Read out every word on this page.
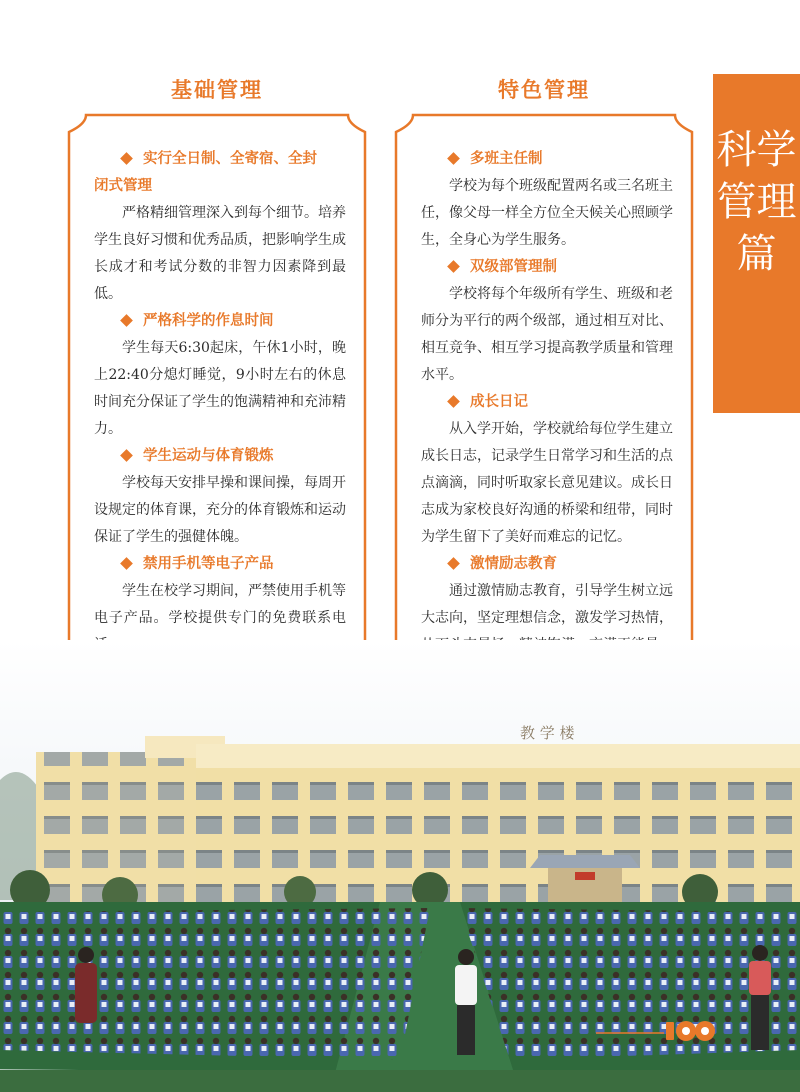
基础管理	特色管理
实行全日制、全寄宿、全封
闭式管理

严格精细管理深入到每个细节。培养学生良好习惯和优秀品质，把影响学生成长成才和考试分数的非智力因素降到最低。

严格科学的作息时间

学生每天6:30起床，午休1小时，晚上22:40分熄灯睡觉，9小时左右的休息时间充分保证了学生的饱满精神和充沛精力。

学生运动与体育锻炼

学校每天安排早操和课间操，每周开设规定的体育课，充分的体育锻炼和运动保证了学生的强健体魄。

禁用手机等电子产品

学生在校学习期间，严禁使用手机等电子产品。学校提供专门的免费联系电

多班主任制

学校为每个班级配置两名或三名班主任，像父母一样全方位全天候关心照顾学生，全身心为学生服务。

双级部管理制

学校将每个年级所有学生、班级和老师分为平行的两个级部，通过相互对比、相互竞争、相互学习提高教学质量和管理水平。

成长日记

从入学开始，学校就给每位学生建立成长日志，记录学生日常学习和生活的点点滴滴，同时听取家长意见建议。成长日志成为家校良好沟通的桥梁和纽带，同时为学生留下了美好而难忘的记忆。

激情励志教育

通过激情励志教育，引导学生树立远大志向，坚定理想信念，激发学习热情，

科学管理篇
教 学 楼
